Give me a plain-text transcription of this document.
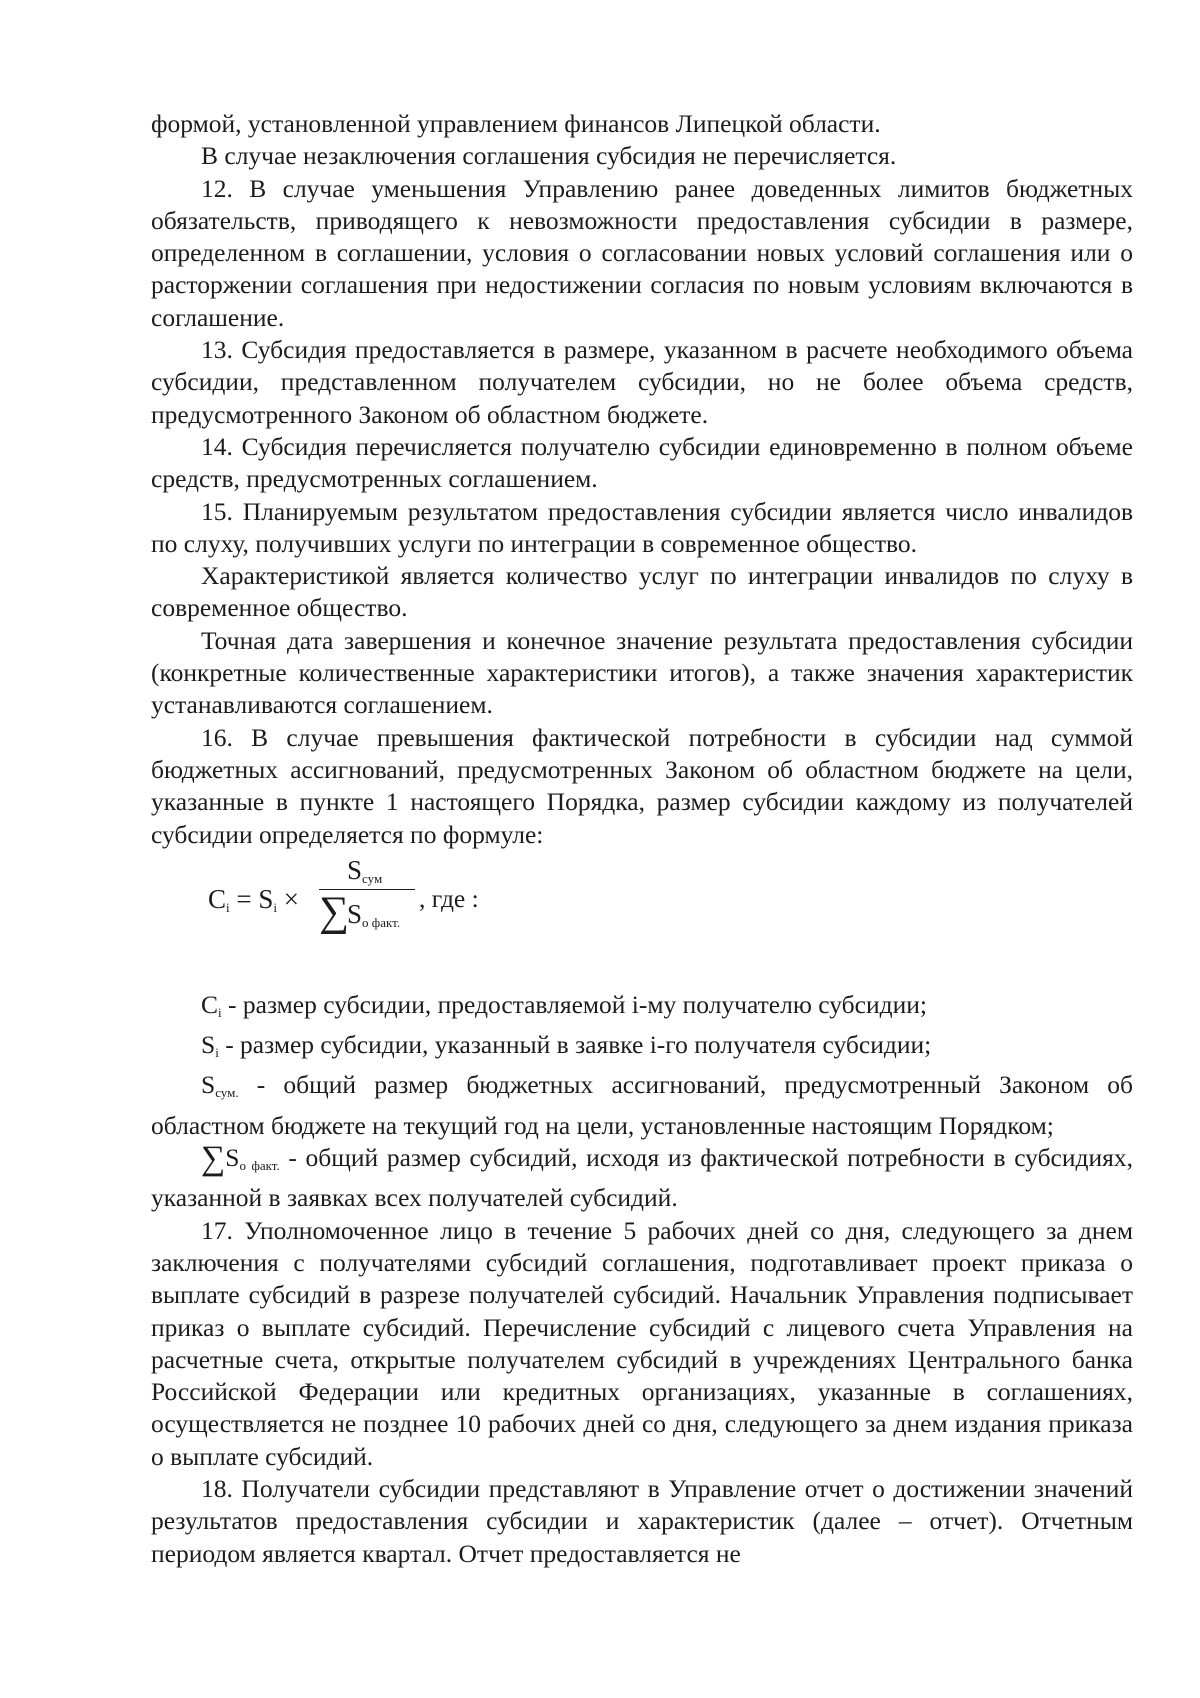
формой, установленной управлением финансов Липецкой области.

В случае незаключения соглашения субсидия не перечисляется.

12. В случае уменьшения Управлению ранее доведенных лимитов бюджетных обязательств, приводящего к невозможности предоставления субсидии в размере, определенном в соглашении, условия о согласовании новых условий соглашения или о расторжении соглашения при недостижении согласия по новым условиям включаются в соглашение.

13. Субсидия предоставляется в размере, указанном в расчете необходимого объема субсидии, представленном получателем субсидии, но не более объема средств, предусмотренного Законом об областном бюджете.

14. Субсидия перечисляется получателю субсидии единовременно в полном объеме средств, предусмотренных соглашением.

15. Планируемым результатом предоставления субсидии является число инвалидов по слуху, получивших услуги по интеграции в современное общество.

Характеристикой является количество услуг по интеграции инвалидов по слуху в современное общество.

Точная дата завершения и конечное значение результата предоставления субсидии (конкретные количественные характеристики итогов), а также значения характеристик устанавливаются соглашением.

16. В случае превышения фактической потребности в субсидии над суммой бюджетных ассигнований, предусмотренных Законом об областном бюджете на цели, указанные в пункте 1 настоящего Порядка, размер субсидии каждому из получателей субсидии определяется по формуле:

$C_i = S_i$ ×
$S_{сум}$
∑
$S_{о факт.}$
, где :

$C_i$ - размер субсидии, предоставляемой i-му получателю субсидии;

$S_i$ - размер субсидии, указанный в заявке i-го получателя субсидии;

$S_{сум.}$ - общий размер бюджетных ассигнований, предусмотренный Законом об областном бюджете на текущий год на цели, установленные настоящим Порядком;

$\sum S_{о факт.}$ - общий размер субсидий, исходя из фактической потребности в субсидиях, указанной в заявках всех получателей субсидий.

17. Уполномоченное лицо в течение 5 рабочих дней со дня, следующего за днем заключения с получателями субсидий соглашения, подготавливает проект приказа о выплате субсидий в разрезе получателей субсидий. Начальник Управления подписывает приказ о выплате субсидий. Перечисление субсидий с лицевого счета Управления на расчетные счета, открытые получателем субсидий в учреждениях Центрального банка Российской Федерации или кредитных организациях, указанные в соглашениях, осуществляется не позднее 10 рабочих дней со дня, следующего за днем издания приказа о выплате субсидий.

18. Получатели субсидии представляют в Управление отчет о достижении значений результатов предоставления субсидии и характеристик (далее – отчет). Отчетным периодом является квартал. Отчет предоставляется не
